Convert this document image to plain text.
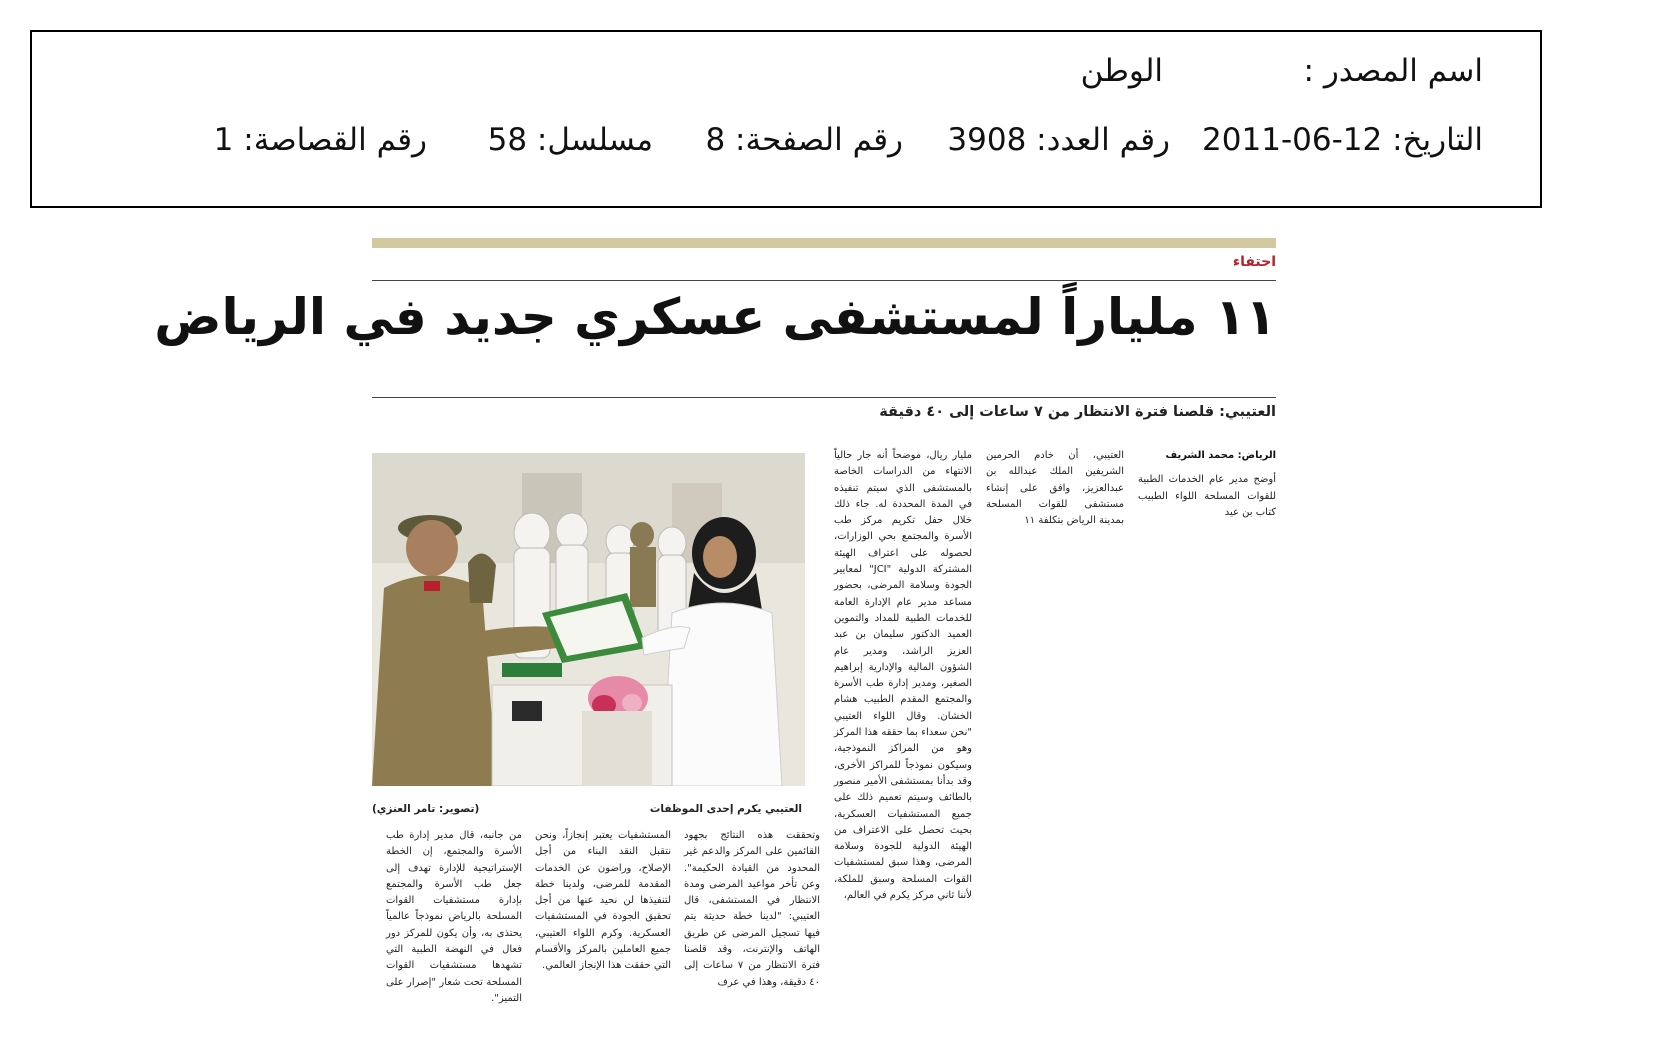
اسم المصدر :
الوطن
التاريخ: 12-06-2011
رقم العدد: 3908
رقم الصفحة: 8
مسلسل: 58
رقم القصاصة: 1
احتفاء
١١ ملياراً لمستشفى عسكري جديد في الرياض
العتيبي: قلصنا فترة الانتظار من ٧ ساعات إلى ٤٠ دقيقة
الرياض: محمد الشريف
أوضح مدير عام الخدمات الطبية للقوات المسلحة اللواء الطبيب كتاب بن عيد
العتيبي، أن خادم الحرمين الشريفين الملك عبدالله بن عبدالعزيز، وافق على إنشاء مستشفى للقوات المسلحة بمدينة الرياض بتكلفة ١١
مليار ريال، موضحاً أنه جار حالياً الانتهاء من الدراسات الخاصة بالمستشفى الذي سيتم تنفيذه في المدة المحددة له. جاء ذلك خلال حفل تكريم مركز طب الأسرة والمجتمع بحي الوزارات، لحصوله على اعتراف الهيئة المشتركة الدولية "JCI" لمعايير الجودة وسلامة المرضى، بحضور مساعد مدير عام الإدارة العامة للخدمات الطبية للمداد والتموين العميد الدكتور سليمان بن عبد العزيز الراشد، ومدير عام الشؤون المالية والإدارية إبراهيم الصغير، ومدير إدارة طب الأسرة والمجتمع المقدم الطبيب هشام الخشان. وقال اللواء العتيبي "نحن سعداء بما حققه هذا المركز وهو من المراكز النموذجية، وسيكون نموذجاً للمراكز الأخرى، وقد بدأنا بمستشفى الأمير منصور بالطائف وسيتم تعميم ذلك على جميع المستشفيات العسكرية، بحيث تحصل على الاعتراف من الهيئة الدولية للجودة وسلامة المرضى، وهذا سبق لمستشفيات القوات المسلحة وسبق للملكة، لأننا ثاني مركز يكرم في العالم،
العتيبي يكرم إحدى الموظفات
(تصوير: تامر العنزي)
وتحققت هذه النتائج بجهود القائمين على المركز والدعم غير المحدود من القيادة الحكيمة". وعن تأخر مواعيد المرضى ومدة الانتظار في المستشفى، قال العتيبي: "لدينا خطة حديثة يتم فيها تسجيل المرضى عن طريق الهاتف والإنترنت، وقد قلصنا فترة الانتظار من ٧ ساعات إلى ٤٠ دقيقة، وهذا في عرف
المستشفيات يعتبر إنجازاً، ونحن نتقبل النقد البناء من أجل الإصلاح، وراضون عن الخدمات المقدمة للمرضى، ولدينا خطة لتنفيذها لن نحيد عنها من أجل تحقيق الجودة في المستشفيات العسكرية. وكرم اللواء العتيبي، جميع العاملين بالمركز والأقسام التي حققت هذا الإنجاز العالمي.
من جانبه، قال مدير إدارة طب الأسرة والمجتمع، إن الخطة الإستراتيجية للإدارة تهدف إلى جعل طب الأسرة والمجتمع بإدارة مستشفيات القوات المسلحة بالرياض نموذجاً عالمياً يحتذى به، وأن يكون للمركز دور فعال في النهضة الطبية التي تشهدها مستشفيات القوات المسلحة تحت شعار "إصرار على التميز".
